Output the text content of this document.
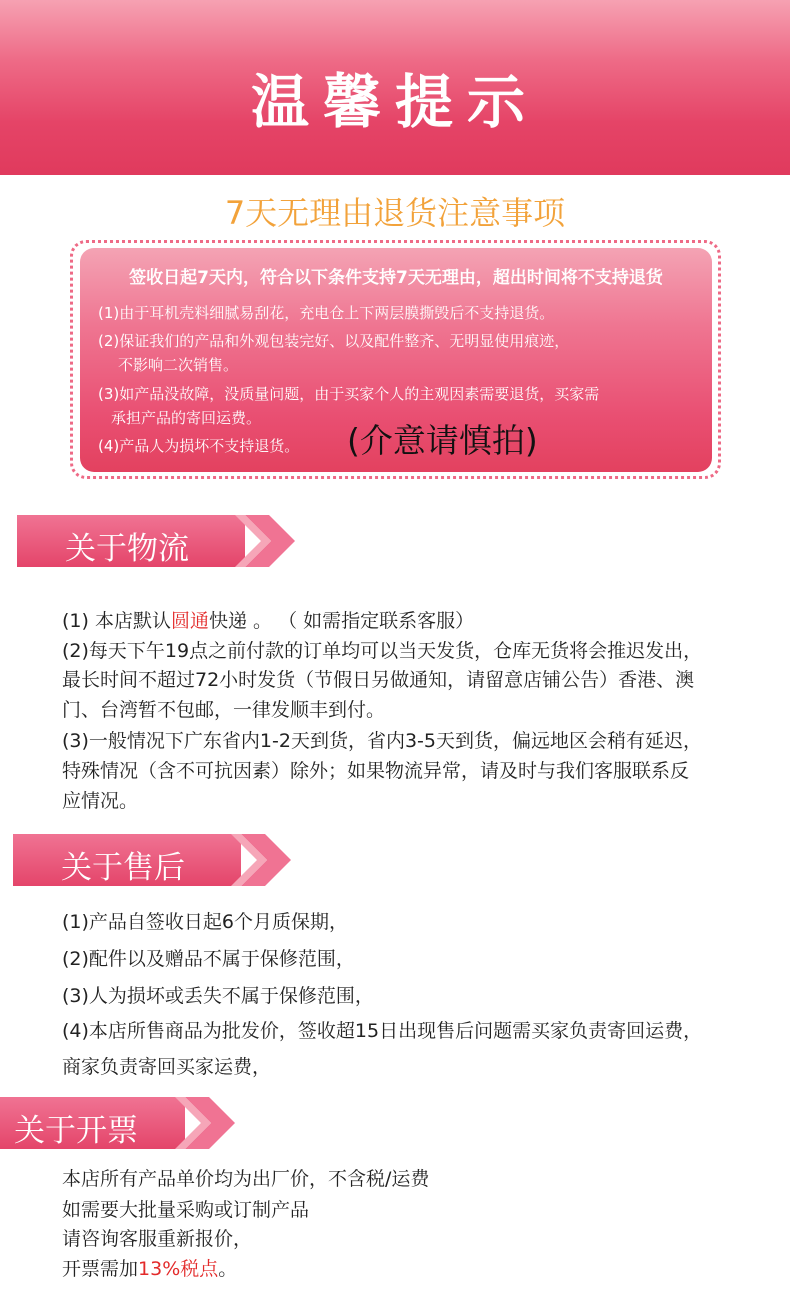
温馨提示
7天无理由退货注意事项
签收日起7天内，符合以下条件支持7天无理由，超出时间将不支持退货
(1)由于耳机壳料细腻易刮花，充电仓上下两层膜撕毁后不支持退货。
(2)保证我们的产品和外观包装完好、以及配件整齐、无明显使用痕迹，
不影响二次销售。
(3)如产品没故障，没质量问题，由于买家个人的主观因素需要退货，买家需
承担产品的寄回运费。
(4)产品人为损坏不支持退货。 (介意请慎拍)
关于物流
(1) 本店默认圆通快递 。 （ 如需指定联系客服）
(2)每天下午19点之前付款的订单均可以当天发货，仓库无货将会推迟发出，
最长时间不超过72小时发货（节假日另做通知，请留意店铺公告）香港、澳
门、台湾暂不包邮，一律发顺丰到付。
(3)一般情况下广东省内1-2天到货，省内3-5天到货，偏远地区会稍有延迟，
特殊情况（含不可抗因素）除外；如果物流异常，请及时与我们客服联系反
应情况。
关于售后
(1)产品自签收日起6个月质保期，
(2)配件以及赠品不属于保修范围，
(3)人为损坏或丢失不属于保修范围，
(4)本店所售商品为批发价，签收超15日出现售后问题需买家负责寄回运费，
商家负责寄回买家运费，
关于开票
本店所有产品单价均为出厂价，不含税/运费
如需要大批量采购或订制产品
请咨询客服重新报价，
开票需加13%税点。
